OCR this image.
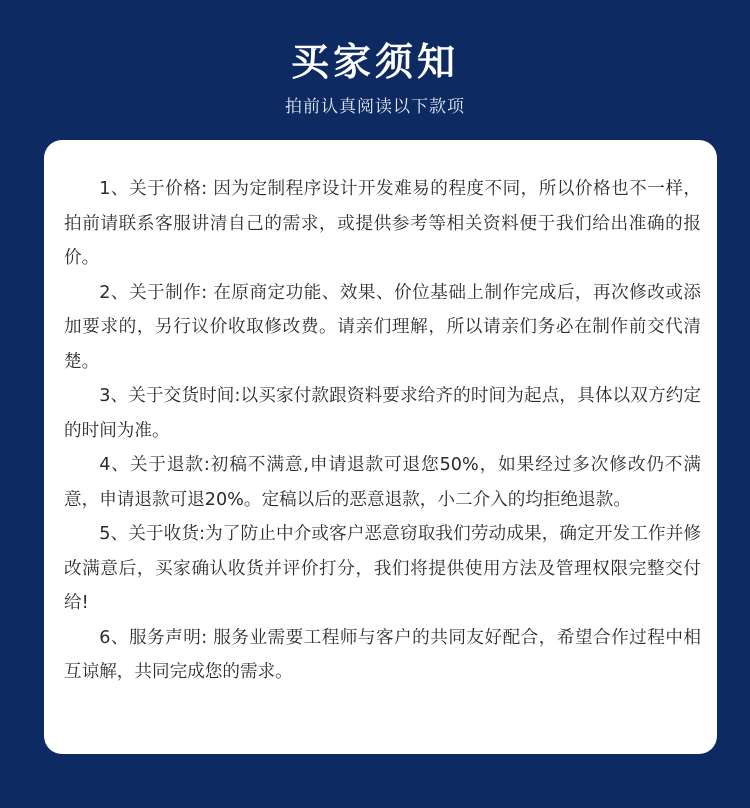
买家须知
拍前认真阅读以下款项

1、关于价格: 因为定制程序设计开发难易的程度不同，所以价格也不一样，拍前请联系客服讲清自己的需求，或提供参考等相关资料便于我们给出准确的报价。

2、关于制作: 在原商定功能、效果、价位基础上制作完成后，再次修改或添加要求的，另行议价收取修改费。请亲们理解，所以请亲们务必在制作前交代清楚。

3、关于交货时间:以买家付款跟资料要求给齐的时间为起点，具体以双方约定的时间为准。

4、关于退款:初稿不满意,申请退款可退您50%，如果经过多次修改仍不满意，申请退款可退20%。定稿以后的恶意退款，小二介入的均拒绝退款。

5、关于收货:为了防止中介或客户恶意窃取我们劳动成果，确定开发工作并修改满意后，买家确认收货并评价打分，我们将提供使用方法及管理权限完整交付给!

6、服务声明: 服务业需要工程师与客户的共同友好配合，希望合作过程中相互谅解，共同完成您的需求。
